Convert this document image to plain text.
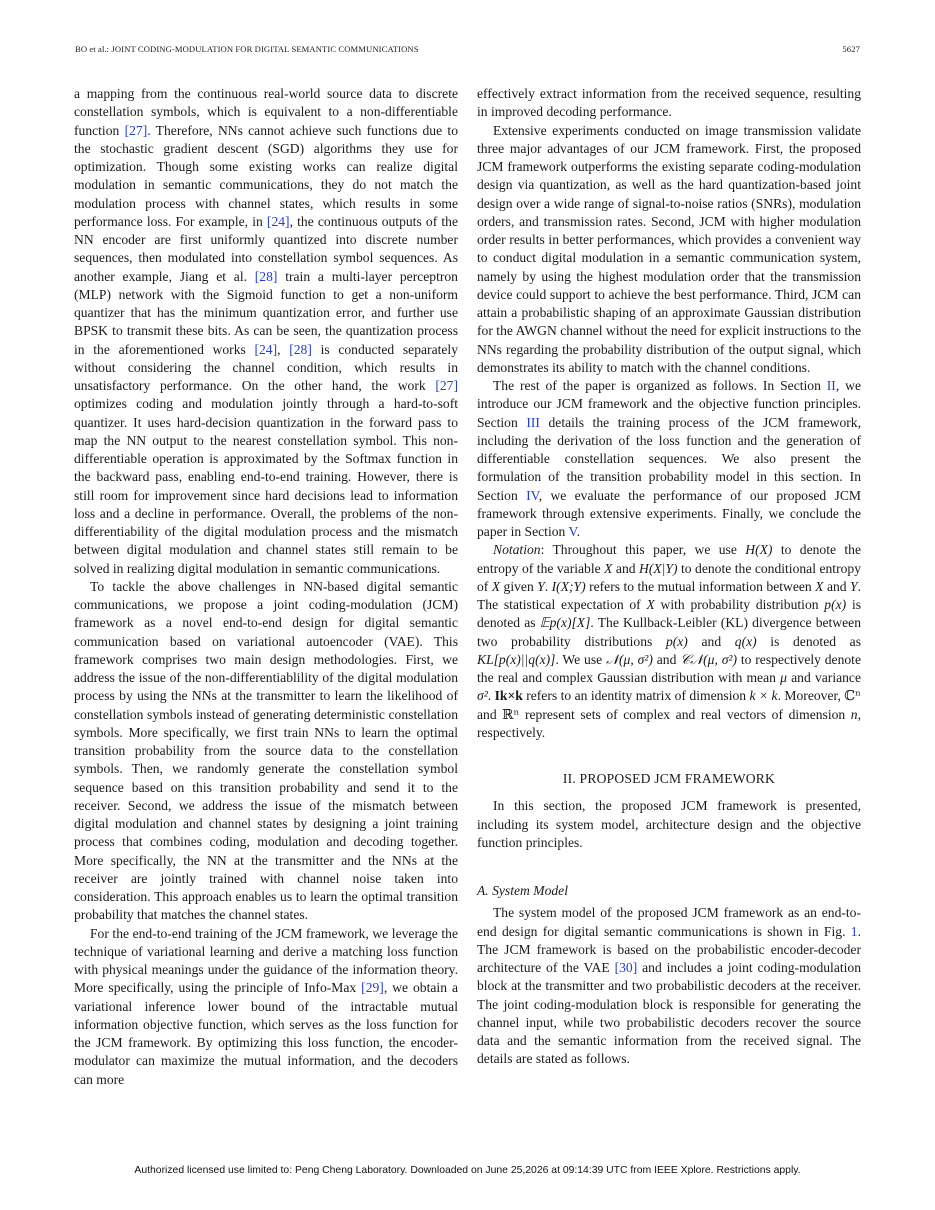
BO et al.: JOINT CODING-MODULATION FOR DIGITAL SEMANTIC COMMUNICATIONS	5627

a mapping from the continuous real-world source data to discrete constellation symbols, which is equivalent to a non-differentiable function [27]. Therefore, NNs cannot achieve such functions due to the stochastic gradient descent (SGD) algorithms they use for optimization. Though some existing works can realize digital modulation in semantic communications, they do not match the modulation process with channel states, which results in some performance loss. For example, in [24], the continuous outputs of the NN encoder are first uniformly quantized into discrete number sequences, then modulated into constellation symbol sequences. As another example, Jiang et al. [28] train a multi-layer perceptron (MLP) network with the Sigmoid function to get a non-uniform quantizer that has the minimum quantization error, and further use BPSK to transmit these bits. As can be seen, the quantization process in the aforementioned works [24], [28] is conducted separately without considering the channel condition, which results in unsatisfactory performance. On the other hand, the work [27] optimizes coding and modulation jointly through a hard-to-soft quantizer. It uses hard-decision quantization in the forward pass to map the NN output to the nearest constellation symbol. This non-differentiable operation is approximated by the Softmax function in the backward pass, enabling end-to-end training. However, there is still room for improvement since hard decisions lead to information loss and a decline in performance. Overall, the problems of the non-differentiability of the digital modulation process and the mismatch between digital modulation and channel states still remain to be solved in realizing digital modulation in semantic communications.

To tackle the above challenges in NN-based digital semantic communications, we propose a joint coding-modulation (JCM) framework as a novel end-to-end design for digital semantic communication based on variational autoencoder (VAE). This framework comprises two main design methodologies. First, we address the issue of the non-differentiablility of the digital modulation process by using the NNs at the transmitter to learn the likelihood of constellation symbols instead of generating deterministic constellation symbols. More specifically, we first train NNs to learn the optimal transition probability from the source data to the constellation symbols. Then, we randomly generate the constellation symbol sequence based on this transition probability and send it to the receiver. Second, we address the issue of the mismatch between digital modulation and channel states by designing a joint training process that combines coding, modulation and decoding together. More specifically, the NN at the transmitter and the NNs at the receiver are jointly trained with channel noise taken into consideration. This approach enables us to learn the optimal transition probability that matches the channel states.

For the end-to-end training of the JCM framework, we leverage the technique of variational learning and derive a matching loss function with physical meanings under the guidance of the information theory. More specifically, using the principle of Info-Max [29], we obtain a variational inference lower bound of the intractable mutual information objective function, which serves as the loss function for the JCM framework. By optimizing this loss function, the encoder-modulator can maximize the mutual information, and the decoders can more

effectively extract information from the received sequence, resulting in improved decoding performance.

Extensive experiments conducted on image transmission validate three major advantages of our JCM framework. First, the proposed JCM framework outperforms the existing separate coding-modulation design via quantization, as well as the hard quantization-based joint design over a wide range of signal-to-noise ratios (SNRs), modulation orders, and transmission rates. Second, JCM with higher modulation order results in better performances, which provides a convenient way to conduct digital modulation in a semantic communication system, namely by using the highest modulation order that the transmission device could support to achieve the best performance. Third, JCM can attain a probabilistic shaping of an approximate Gaussian distribution for the AWGN channel without the need for explicit instructions to the NNs regarding the probability distribution of the output signal, which demonstrates its ability to match with the channel conditions.

The rest of the paper is organized as follows. In Section II, we introduce our JCM framework and the objective function principles. Section III details the training process of the JCM framework, including the derivation of the loss function and the generation of differentiable constellation sequences. We also present the formulation of the transition probability model in this section. In Section IV, we evaluate the performance of our proposed JCM framework through extensive experiments. Finally, we conclude the paper in Section V.

Notation: Throughout this paper, we use H(X) to denote the entropy of the variable X and H(X|Y) to denote the conditional entropy of X given Y. I(X;Y) refers to the mutual information between X and Y. The statistical expectation of X with probability distribution p(x) is denoted as 𝔼p(x)[X]. The Kullback-Leibler (KL) divergence between two probability distributions p(x) and q(x) is denoted as KL[p(x)||q(x)]. We use 𝒩(μ, σ²) and 𝒞𝒩(μ, σ²) to respectively denote the real and complex Gaussian distribution with mean μ and variance σ². Ik×k refers to an identity matrix of dimension k × k. Moreover, ℂⁿ and ℝⁿ represent sets of complex and real vectors of dimension n, respectively.

II. PROPOSED JCM FRAMEWORK

In this section, the proposed JCM framework is presented, including its system model, architecture design and the objective function principles.

A. System Model

The system model of the proposed JCM framework as an end-to-end design for digital semantic communications is shown in Fig. 1. The JCM framework is based on the probabilistic encoder-decoder architecture of the VAE [30] and includes a joint coding-modulation block at the transmitter and two probabilistic decoders at the receiver. The joint coding-modulation block is responsible for generating the channel input, while two probabilistic decoders recover the source data and the semantic information from the received signal. The details are stated as follows.

Authorized licensed use limited to: Peng Cheng Laboratory. Downloaded on June 25,2026 at 09:14:39 UTC from IEEE Xplore. Restrictions apply.
